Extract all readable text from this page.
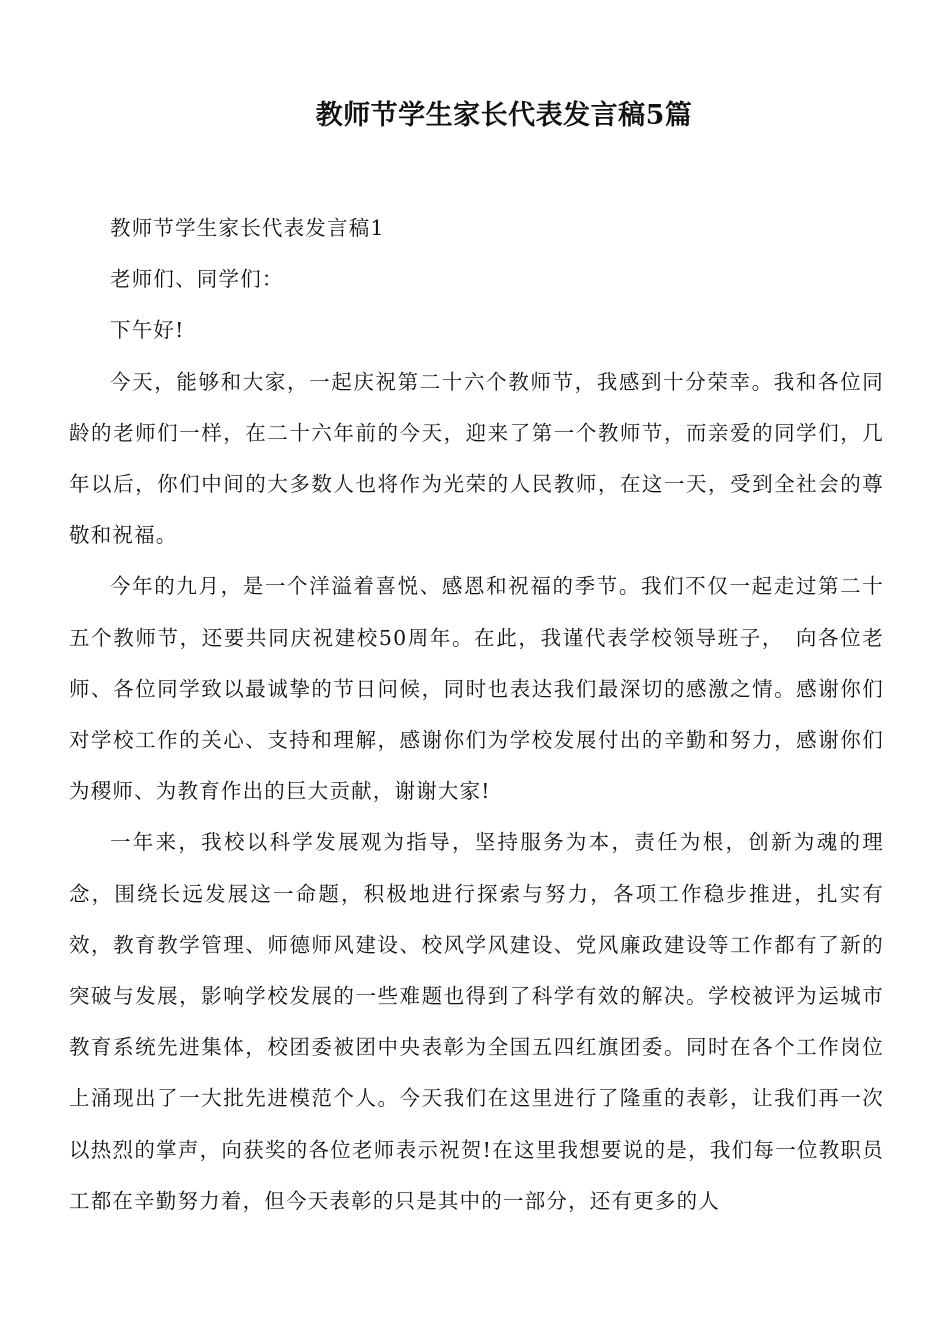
教师节学生家长代表发言稿5篇

教师节学生家长代表发言稿1

老师们、同学们：

下午好!

今天，能够和大家，一起庆祝第二十六个教师节，我感到十分荣幸。我和各位同龄的老师们一样，在二十六年前的今天，迎来了第一个教师节，而亲爱的同学们，几年以后，你们中间的大多数人也将作为光荣的人民教师，在这一天，受到全社会的尊敬和祝福。

今年的九月，是一个洋溢着喜悦、感恩和祝福的季节。我们不仅一起走过第二十五个教师节，还要共同庆祝建校50周年。在此，我谨代表学校领导班子，　向各位老师、各位同学致以最诚挚的节日问候，同时也表达我们最深切的感激之情。感谢你们对学校工作的关心、支持和理解，感谢你们为学校发展付出的辛勤和努力，感谢你们为稷师、为教育作出的巨大贡献，谢谢大家!

一年来，我校以科学发展观为指导，坚持服务为本，责任为根，创新为魂的理念，围绕长远发展这一命题，积极地进行探索与努力，各项工作稳步推进，扎实有效，教育教学管理、师德师风建设、校风学风建设、党风廉政建设等工作都有了新的突破与发展，影响学校发展的一些难题也得到了科学有效的解决。学校被评为运城市教育系统先进集体，校团委被团中央表彰为全国五四红旗团委。同时在各个工作岗位上涌现出了一大批先进模范个人。今天我们在这里进行了隆重的表彰，让我们再一次以热烈的掌声，向获奖的各位老师表示祝贺!在这里我想要说的是，我们每一位教职员工都在辛勤努力着，但今天表彰的只是其中的一部分，还有更多的人
